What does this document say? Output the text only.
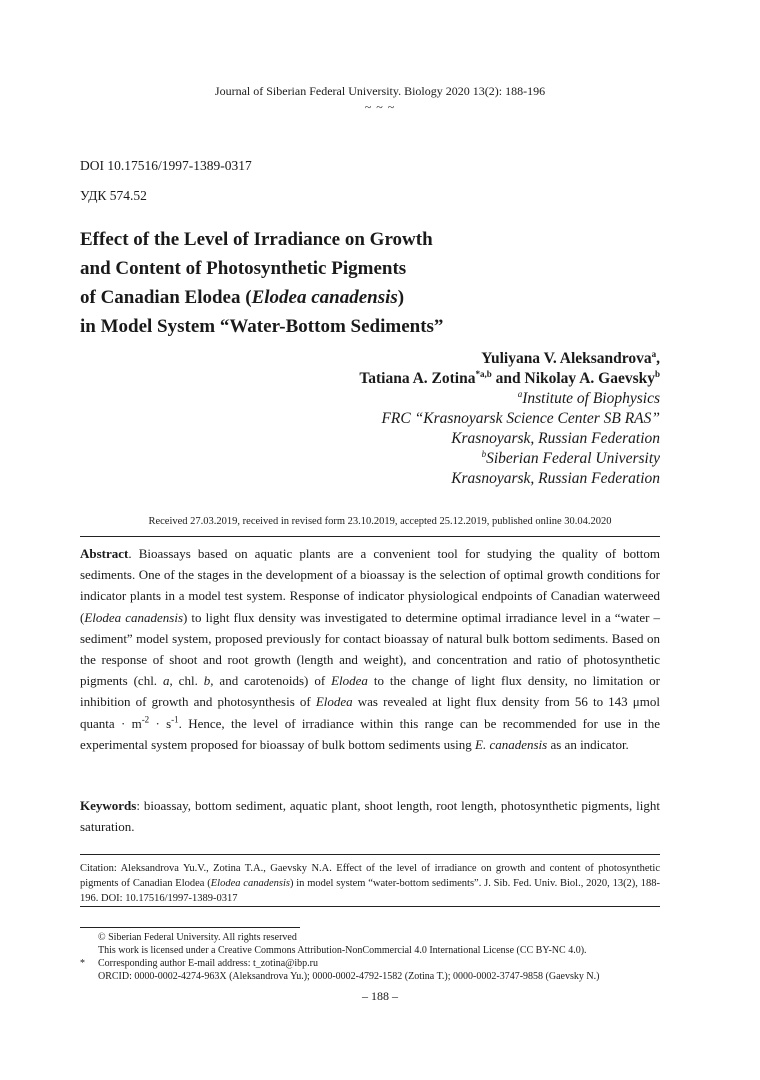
Journal of Siberian Federal University. Biology 2020 13(2): 188-196
~ ~ ~
DOI 10.17516/1997-1389-0317
УДК 574.52
Effect of the Level of Irradiance on Growth
and Content of Photosynthetic Pigments
of Canadian Elodea (Elodea canadensis)
in Model System “Water-Bottom Sediments”
Yuliyana V. Aleksandrova$^a$,
Tatiana A. Zotina$^{*a,b}$ and Nikolay A. Gaevsky$^b$
$^a$Institute of Biophysics
FRC “Krasnoyarsk Science Center SB RAS”
Krasnoyarsk, Russian Federation
$^b$Siberian Federal University
Krasnoyarsk, Russian Federation
Received 27.03.2019, received in revised form 23.10.2019, accepted 25.12.2019, published online 30.04.2020
Abstract. Bioassays based on aquatic plants are a convenient tool for studying the quality of bottom sediments. One of the stages in the development of a bioassay is the selection of optimal growth conditions for indicator plants in a model test system. Response of indicator physiological endpoints of Canadian waterweed (Elodea canadensis) to light flux density was investigated to determine optimal irradiance level in a “water – sediment” model system, proposed previously for contact bioassay of natural bulk bottom sediments. Based on the response of shoot and root growth (length and weight), and concentration and ratio of photosynthetic pigments (chl. a, chl. b, and carotenoids) of Elodea to the change of light flux density, no limitation or inhibition of growth and photosynthesis of Elodea was revealed at light flux density from 56 to 143 μmol quanta · $m^{-2} \cdot s^{-1}$. Hence, the level of irradiance within this range can be recommended for use in the experimental system proposed for bioassay of bulk bottom sediments using E. canadensis as an indicator.
Keywords: bioassay, bottom sediment, aquatic plant, shoot length, root length, photosynthetic pigments, light saturation.
Citation: Aleksandrova Yu.V., Zotina T.A., Gaevsky N.A. Effect of the level of irradiance on growth and content of photosynthetic pigments of Canadian Elodea (Elodea canadensis) in model system “water-bottom sediments”. J. Sib. Fed. Univ. Biol., 2020, 13(2), 188-196. DOI: 10.17516/1997-1389-0317
© Siberian Federal University. All rights reserved
This work is licensed under a Creative Commons Attribution-NonCommercial 4.0 International License (CC BY-NC 4.0).
* Corresponding author E-mail address: t_zotina@ibp.ru
ORCID: 0000-0002-4274-963X (Aleksandrova Yu.); 0000-0002-4792-1582 (Zotina T.); 0000-0002-3747-9858 (Gaevsky N.)
– 188 –
